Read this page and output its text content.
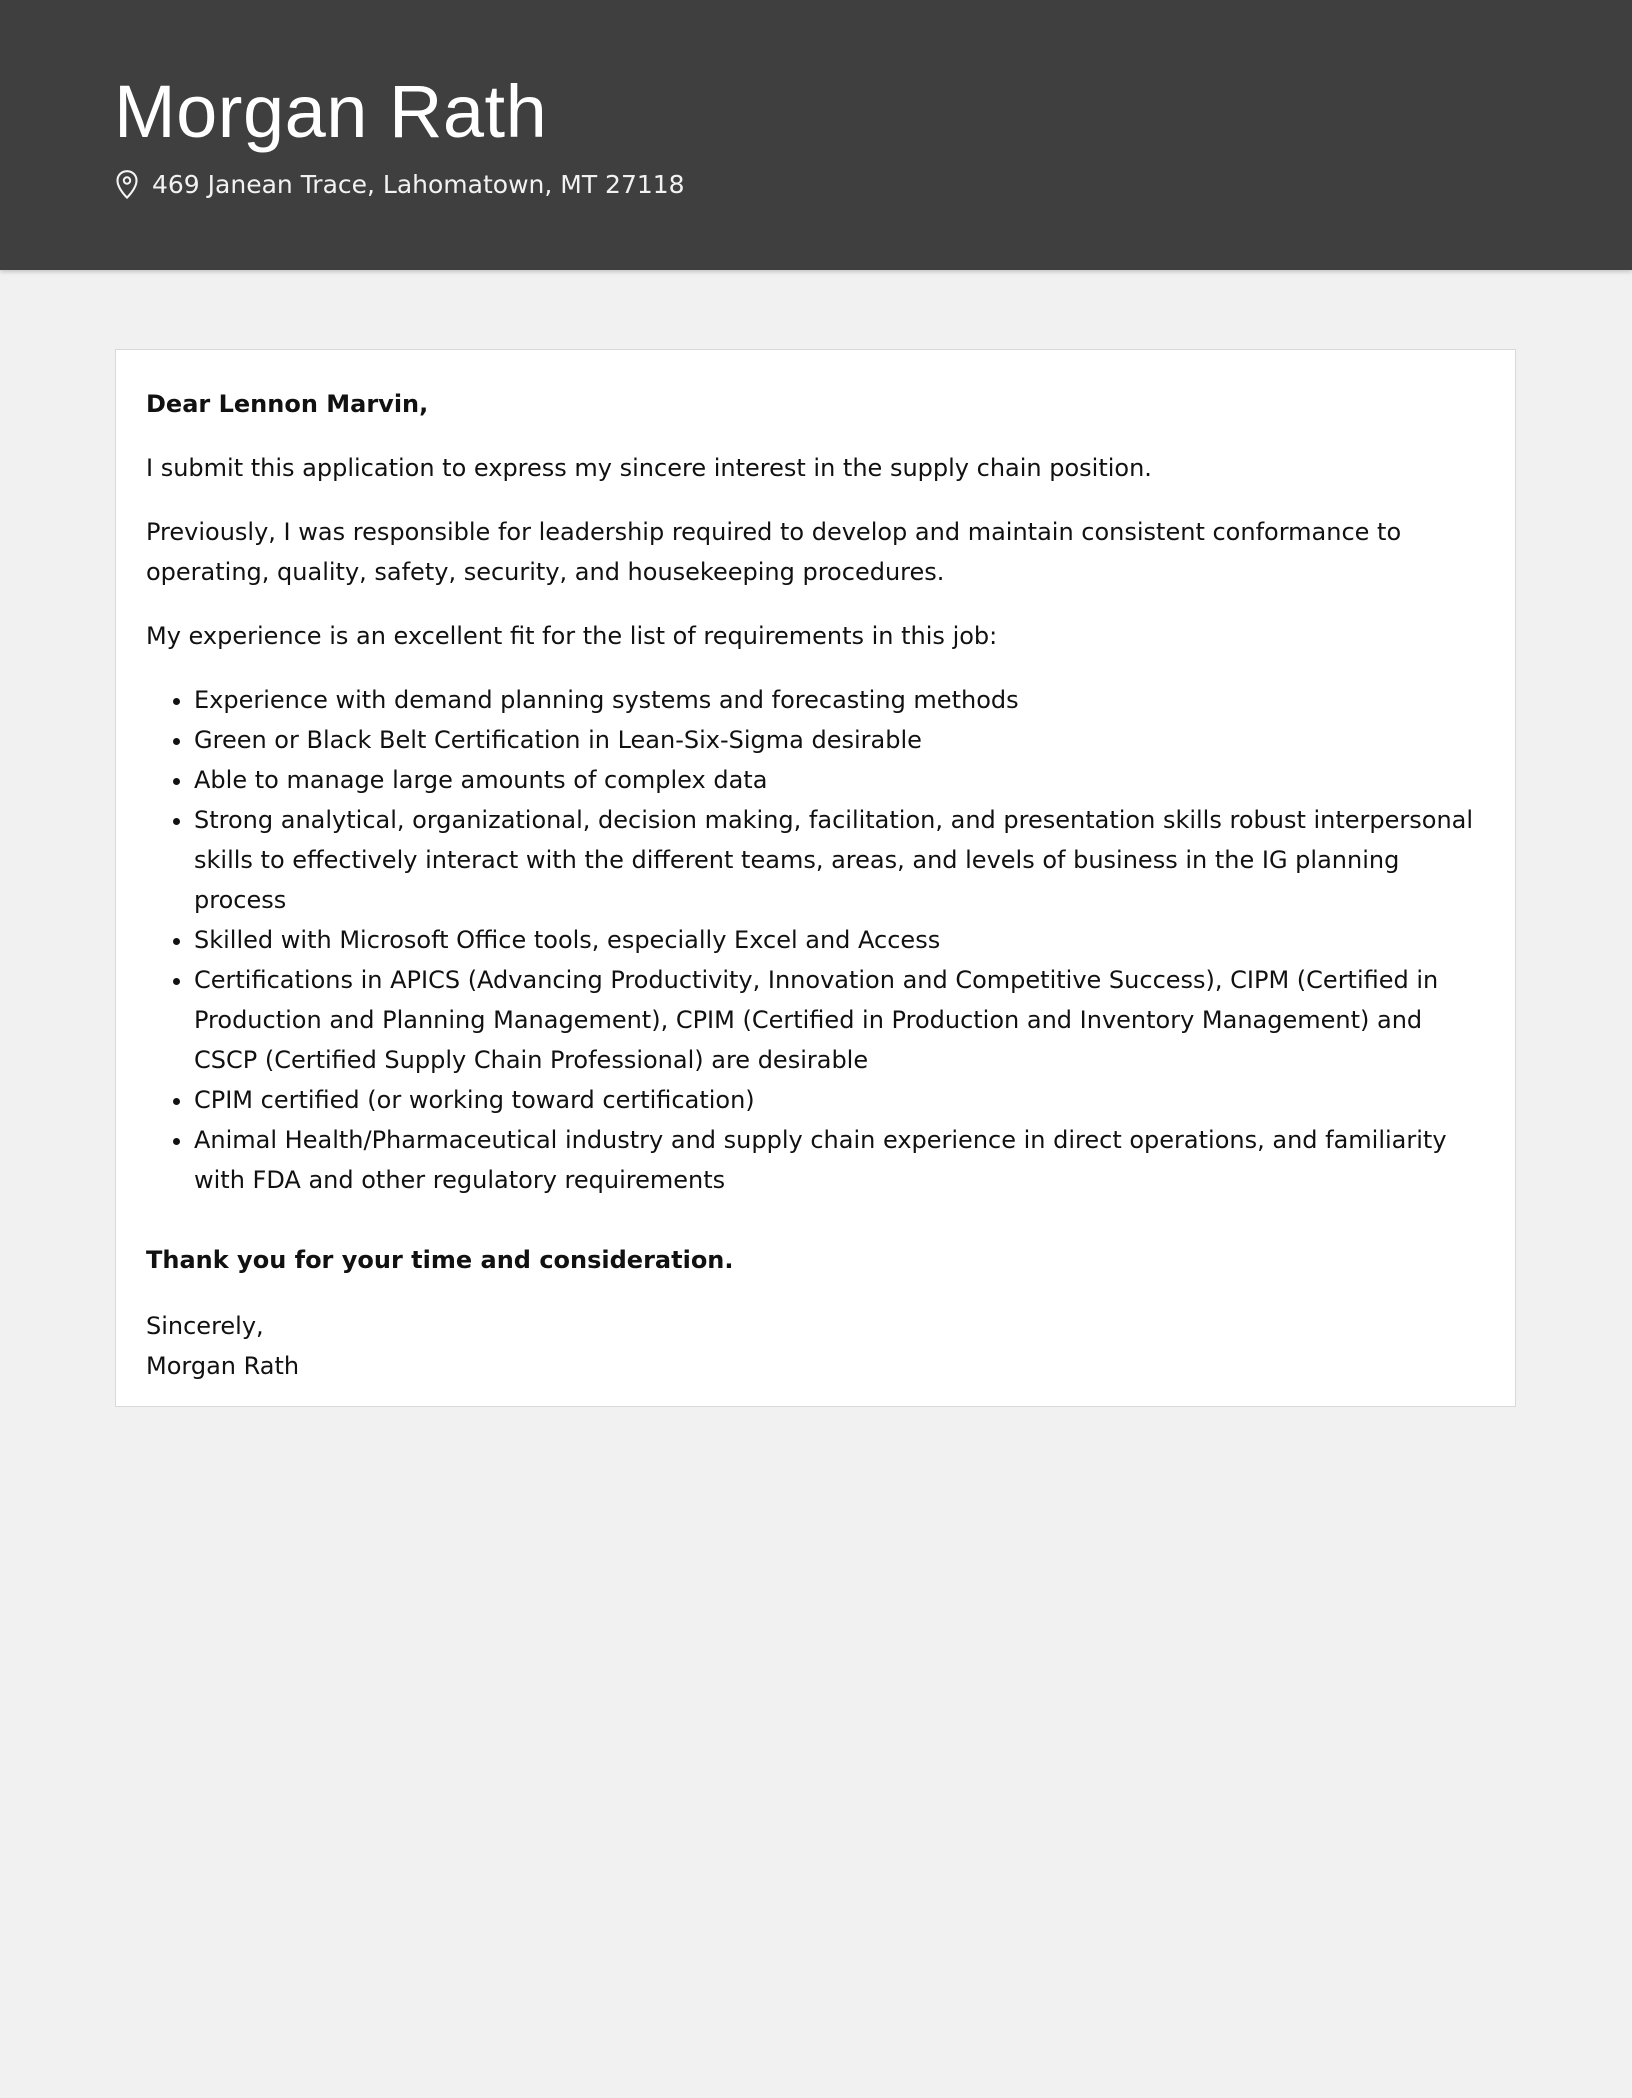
Morgan Rath
469 Janean Trace, Lahomatown, MT 27118

Dear Lennon Marvin,

I submit this application to express my sincere interest in the supply chain position.

Previously, I was responsible for leadership required to develop and maintain consistent conformance to operating, quality, safety, security, and housekeeping procedures.

My experience is an excellent fit for the list of requirements in this job:

• Experience with demand planning systems and forecasting methods
• Green or Black Belt Certification in Lean-Six-Sigma desirable
• Able to manage large amounts of complex data
• Strong analytical, organizational, decision making, facilitation, and presentation skills robust interpersonal skills to effectively interact with the different teams, areas, and levels of business in the IG planning process
• Skilled with Microsoft Office tools, especially Excel and Access
• Certifications in APICS (Advancing Productivity, Innovation and Competitive Success), CIPM (Certified in Production and Planning Management), CPIM (Certified in Production and Inventory Management) and CSCP (Certified Supply Chain Professional) are desirable
• CPIM certified (or working toward certification)
• Animal Health/Pharmaceutical industry and supply chain experience in direct operations, and familiarity with FDA and other regulatory requirements

Thank you for your time and consideration.

Sincerely,

Morgan Rath
